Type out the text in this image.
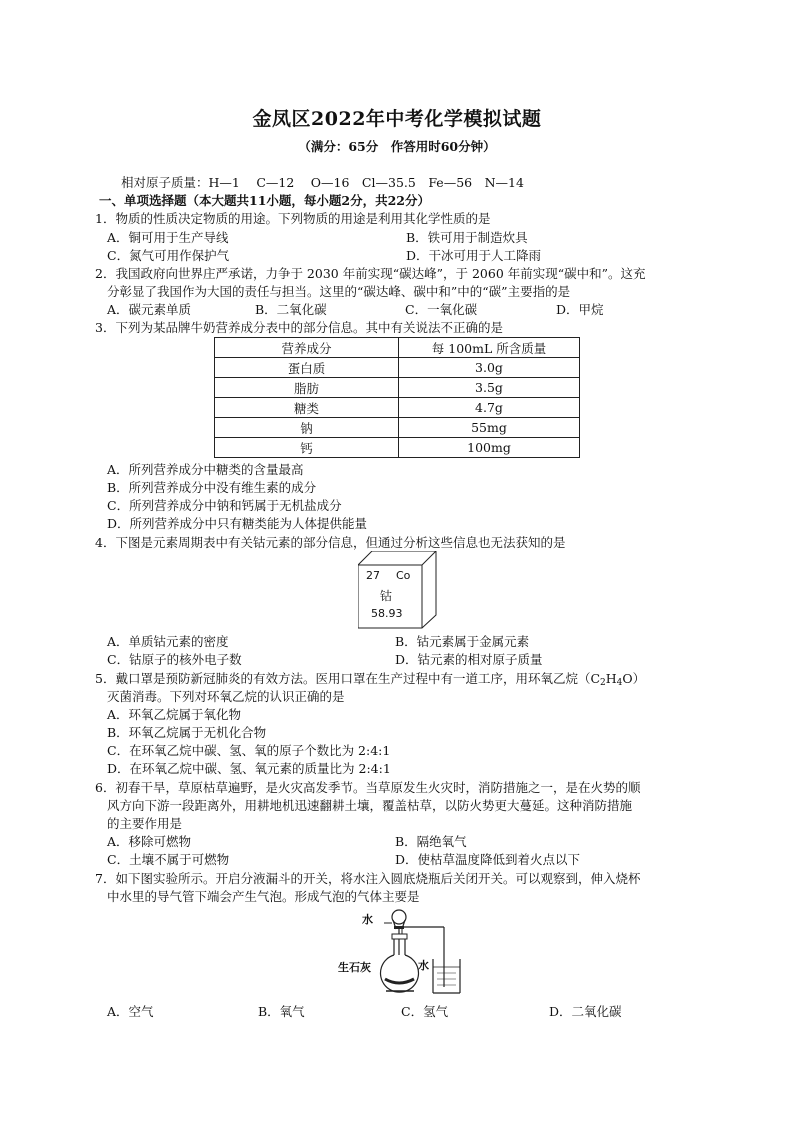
金凤区2022年中考化学模拟试题
（满分：65分　作答用时60分钟）
相对原子质量：H—1　 C—12　 O—16　Cl—35.5　Fe—56　N—14
一、单项选择题（本大题共11小题，每小题2分，共22分）
1．物质的性质决定物质的用途。下列物质的用途是利用其化学性质的是
A．铜可用于生产导线	B．铁可用于制造炊具
C．氮气可用作保护气	D．干冰可用于人工降雨
2．我国政府向世界庄严承诺，力争于 2030 年前实现“碳达峰”，于 2060 年前实现“碳中和”。这充
分彰显了我国作为大国的责任与担当。这里的“碳达峰、碳中和”中的“碳”主要指的是
A．碳元素单质	B．二氧化碳	C．一氧化碳	D．甲烷
3．下列为某品牌牛奶营养成分表中的部分信息。其中有关说法不正确的是
营养成分	每 100mL 所含质量
蛋白质	3.0g
脂肪	3.5g
糖类	4.7g
钠	55mg
钙	100mg
A．所列营养成分中糖类的含量最高
B．所列营养成分中没有维生素的成分
C．所列营养成分中钠和钙属于无机盐成分
D．所列营养成分中只有糖类能为人体提供能量
4．下图是元素周期表中有关钴元素的部分信息，但通过分析这些信息也无法获知的是
27 Co
钴
58.93
A．单质钴元素的密度	B．钴元素属于金属元素
C．钴原子的核外电子数	D．钴元素的相对原子质量
5．戴口罩是预防新冠肺炎的有效方法。医用口罩在生产过程中有一道工序，用环氧乙烷$(C_2H_4O)$
灭菌消毒。下列对环氧乙烷的认识正确的是
A．环氧乙烷属于氧化物
B．环氧乙烷属于无机化合物
C．在环氧乙烷中碳、氢、氧的原子个数比为 2:4:1
D．在环氧乙烷中碳、氢、氧元素的质量比为 2:4:1
6．初春干旱，草原枯草遍野，是火灾高发季节。当草原发生火灾时，消防措施之一，是在火势的顺
风方向下游一段距离外，用耕地机迅速翻耕土壤，覆盖枯草，以防火势更大蔓延。这种消防措施
的主要作用是
A．移除可燃物	B．隔绝氧气
C．土壤不属于可燃物	D．使枯草温度降低到着火点以下
7．如下图实验所示。开启分液漏斗的开关，将水注入圆底烧瓶后关闭开关。可以观察到，伸入烧杯
中水里的导气管下端会产生气泡。形成气泡的气体主要是
水
生石灰	水
A．空气	B．氧气	C．氢气	D．二氧化碳
